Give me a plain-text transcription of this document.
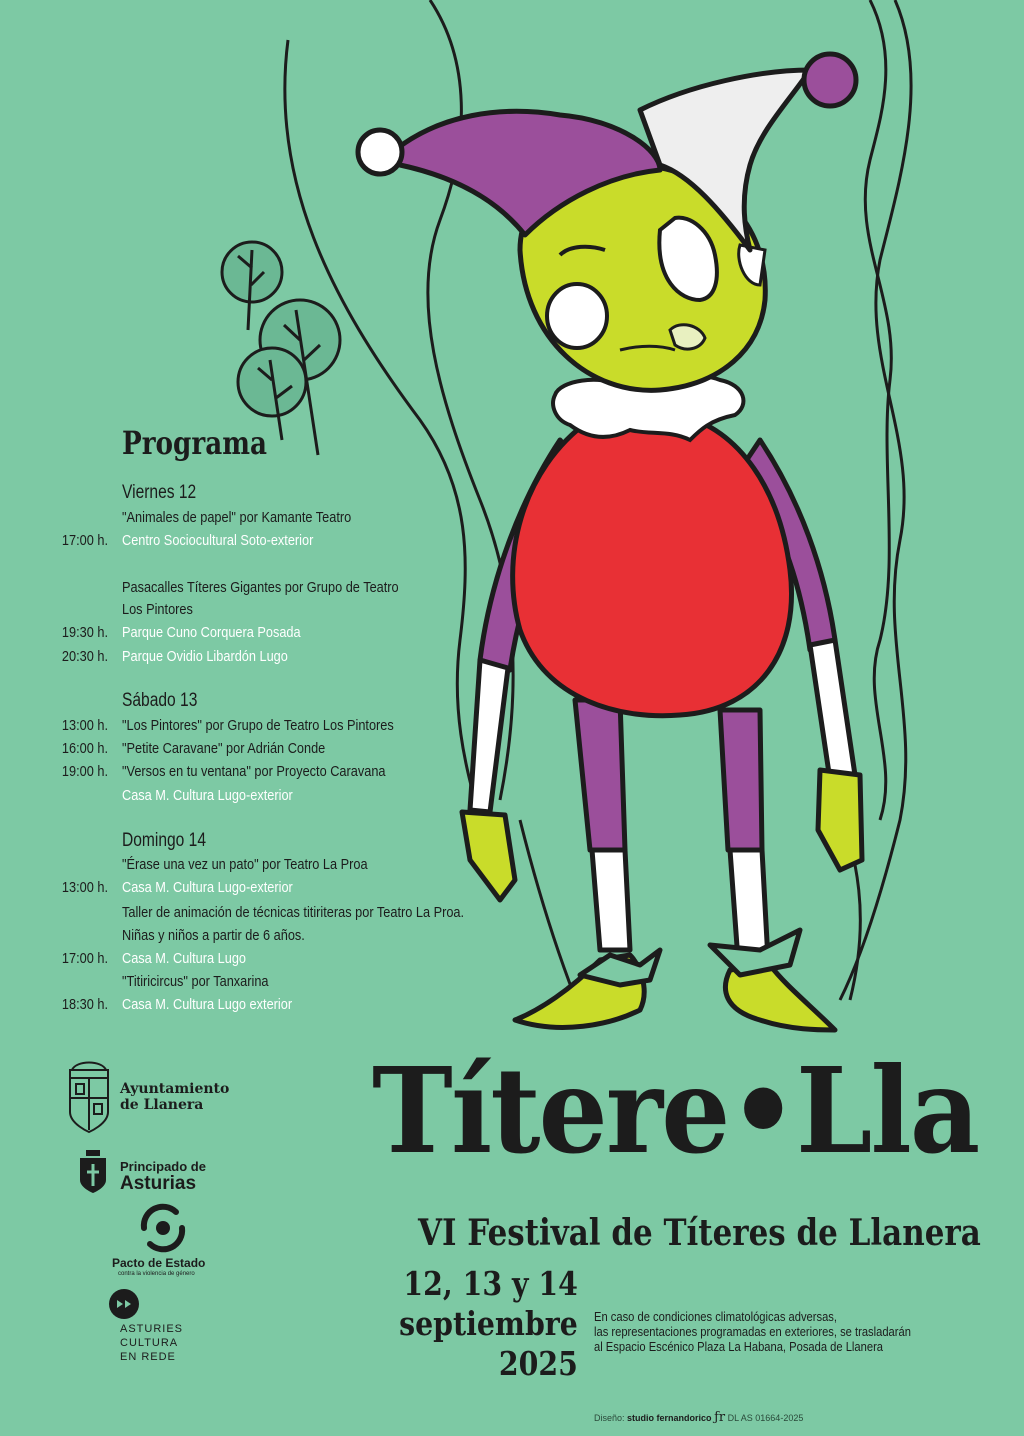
Programa
Viernes 12
"Animales de papel" por Kamante Teatro
17:00 h. Centro Sociocultural Soto-exterior
Pasacalles Títeres Gigantes por Grupo de Teatro
Los Pintores
19:30 h. Parque Cuno Corquera Posada
20:30 h. Parque Ovidio Libardón Lugo
Sábado 13
13:00 h. "Los Pintores" por Grupo de Teatro Los Pintores
16:00 h. "Petite Caravane" por Adrián Conde
19:00 h. "Versos en tu ventana" por Proyecto Caravana
Casa M. Cultura Lugo-exterior
Domingo 14
"Érase una vez un pato" por Teatro La Proa
13:00 h. Casa M. Cultura Lugo-exterior
Taller de animación de técnicas titiriteras por Teatro La Proa.
Niñas y niños a partir de 6 años.
17:00 h. Casa M. Cultura Lugo
"Titiricircus" por Tanxarina
18:30 h. Casa M. Cultura Lugo exterior
Ayuntamiento
de Llanera
Principado de
Asturias
Pacto de Estado
contra la violencia de género
ASTURIES
CULTURA
EN REDE
Títere•Lla
VI Festival de Títeres de Llanera
12, 13 y 14
septiembre
2025
En caso de condiciones climatológicas adversas,
las representaciones programadas en exteriores, se trasladarán
al Espacio Escénico Plaza La Habana, Posada de Llanera
Diseño: studio fernandorico ƒr DL AS 01664-2025
